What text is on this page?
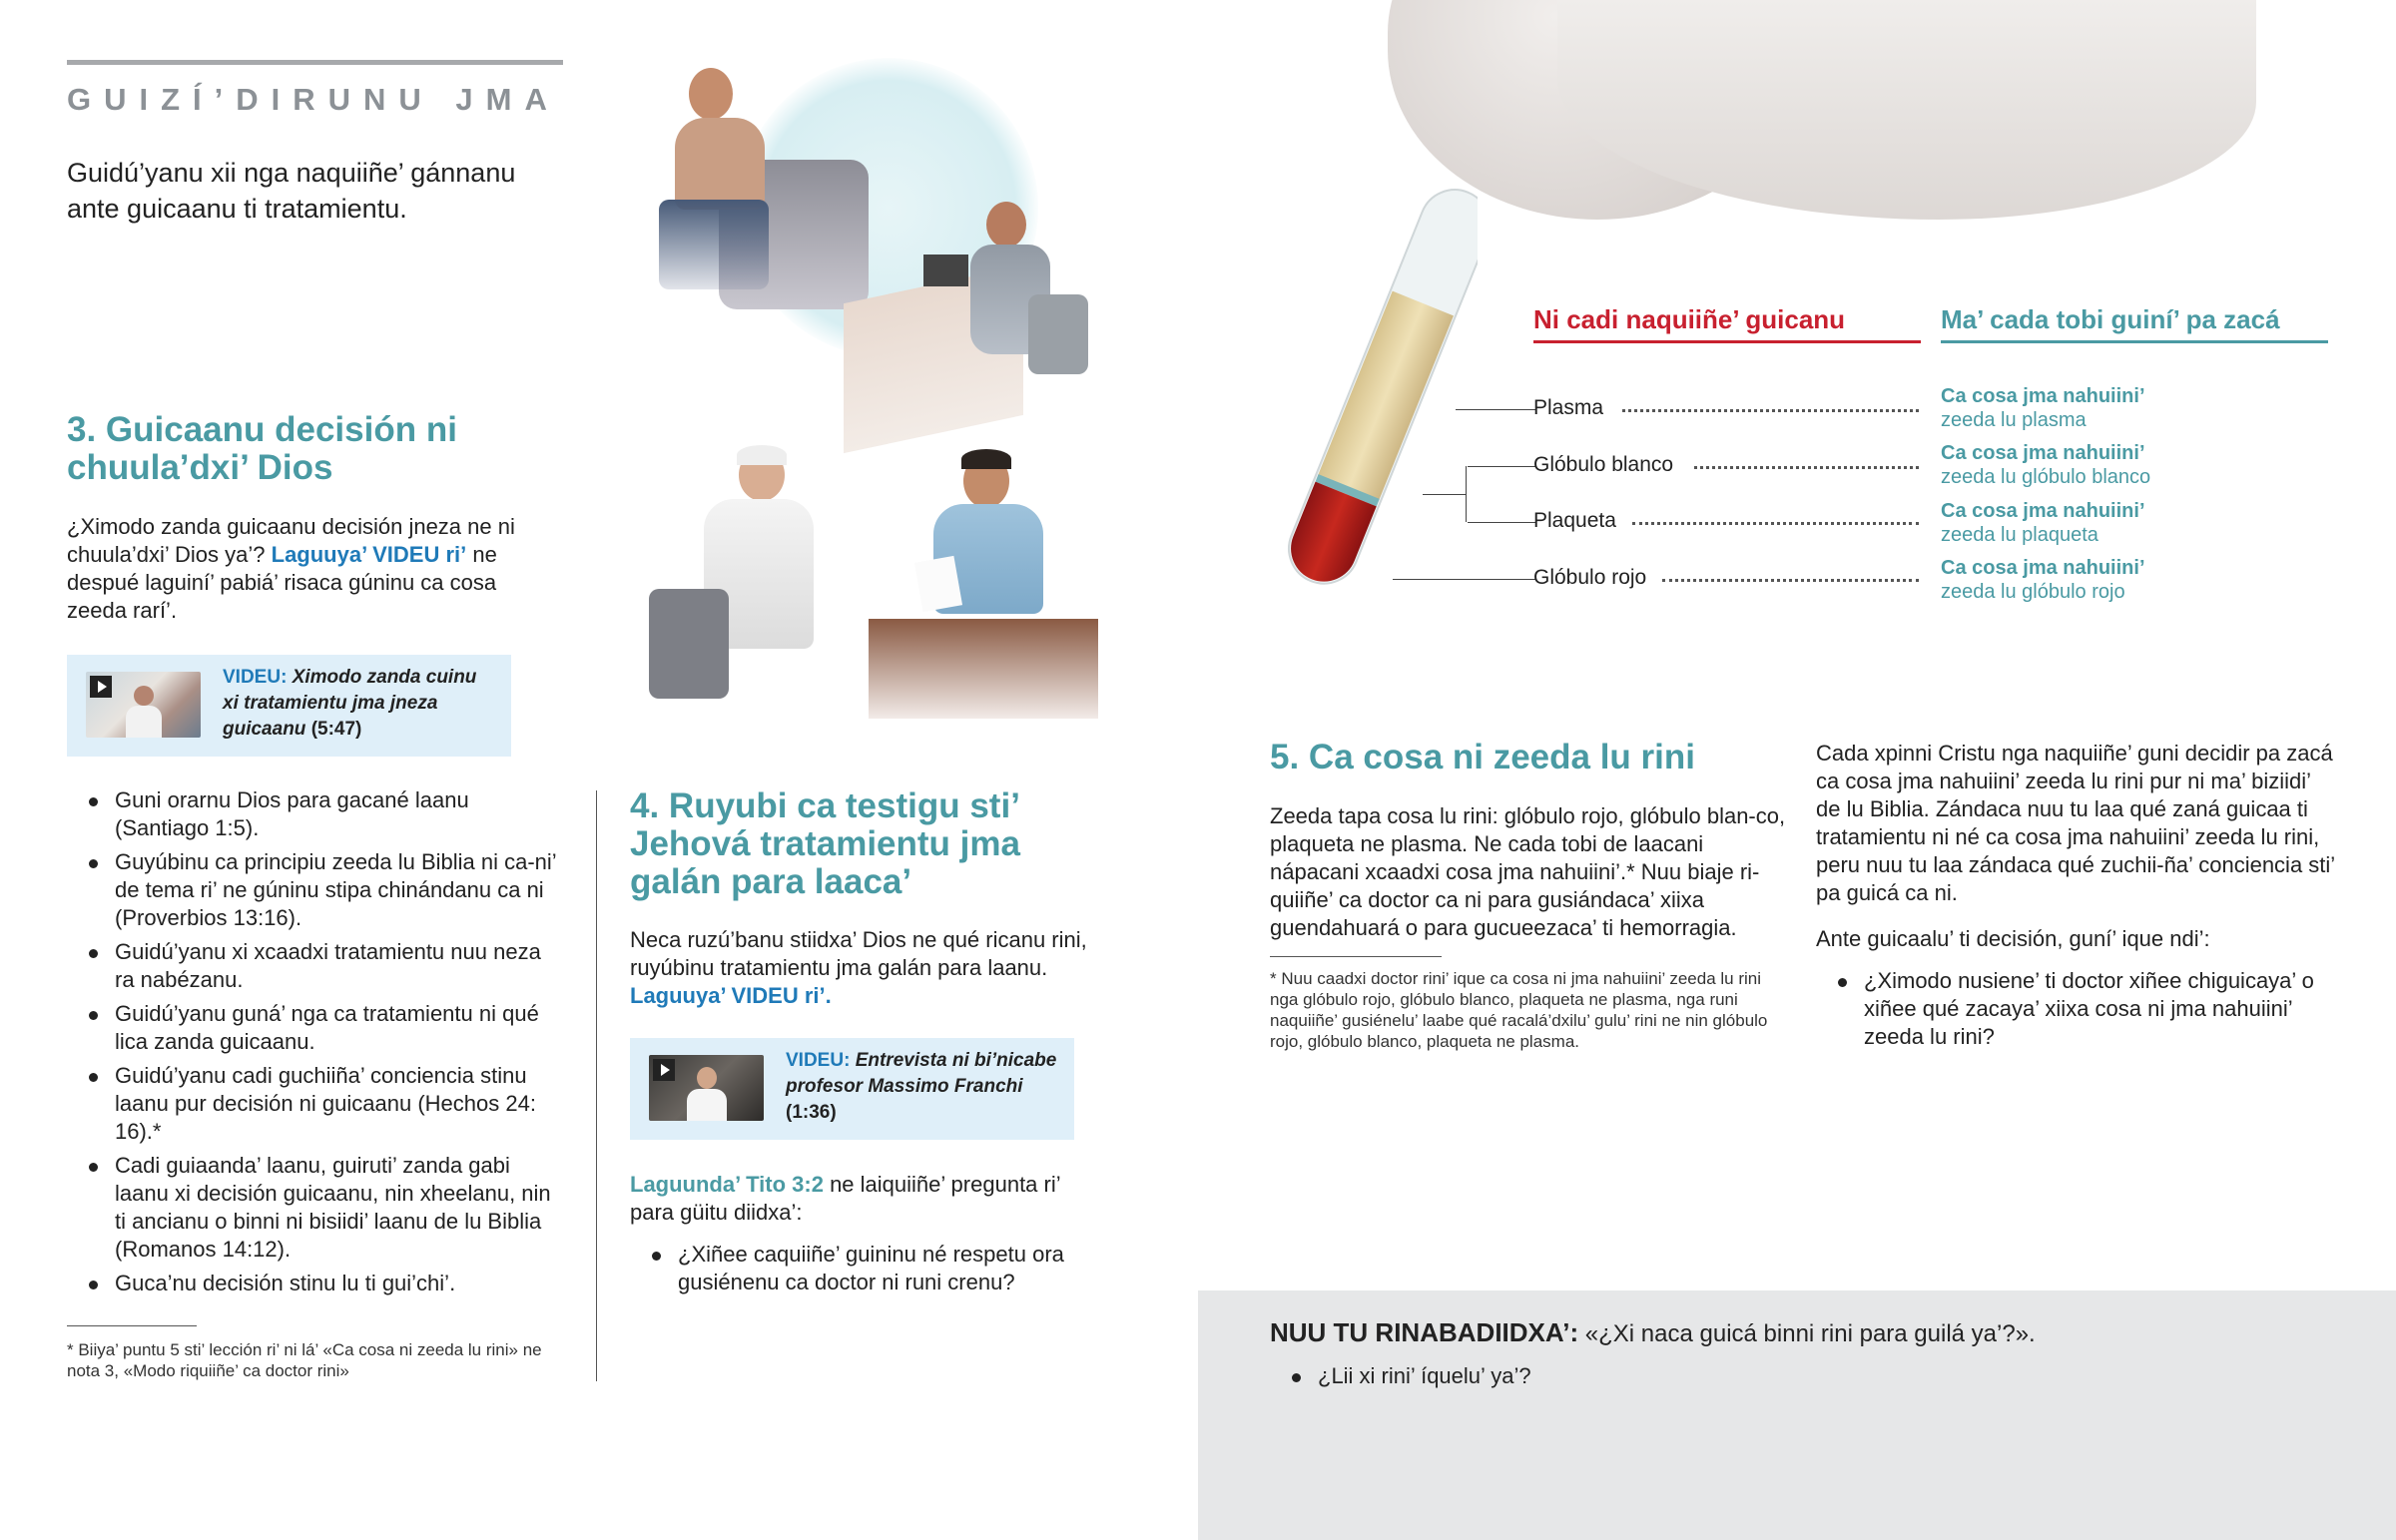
GUIZÍ’DIRUNU JMA
Guidú’yanu xii nga naquiiñe’ gánnanu ante guicaanu ti tratamientu.
3. Guicaanu decisión ni chuula’dxi’ Dios
¿Ximodo zanda guicaanu decisión jneza ne ni chuula’dxi’ Dios ya’? Laguuya’ VIDEU ri’ ne despué laguiní’ pabiá’ risaca gúninu ca cosa zeeda rarí’.
VIDEU: Ximodo zanda cuinu xi tratamientu jma jneza guicaanu (5:47)
Guni orarnu Dios para gacané laanu (Santiago 1:5).
Guyúbinu ca principiu zeeda lu Biblia ni ca-ni’ de tema ri’ ne gúninu stipa chinándanu ca ni (Proverbios 13:16).
Guidú’yanu xi xcaadxi tratamientu nuu neza ra nabézanu.
Guidú’yanu guná’ nga ca tratamientu ni qué lica zanda guicaanu.
Guidú’yanu cadi guchiiña’ conciencia stinu laanu pur decisión ni guicaanu (Hechos 24: 16).*
Cadi guiaanda’ laanu, guiruti’ zanda gabi laanu xi decisión guicaanu, nin xheelanu, nin ti ancianu o binni ni bisiidi’ laanu de lu Biblia (Romanos 14:12).
Guca’nu decisión stinu lu ti gui’chi’.
* Biiya’ puntu 5 sti’ lección ri’ ni lá’ «Ca cosa ni zeeda lu rini» ne nota 3, «Modo riquiiñe’ ca doctor rini»
4. Ruyubi ca testigu sti’ Jehová tratamientu jma galán para laaca’
Neca ruzú’banu stiidxa’ Dios ne qué ricanu rini, ruyúbinu tratamientu jma galán para laanu. Laguuya’ VIDEU ri’.
VIDEU: Entrevista ni bi’nicabe profesor Massimo Franchi (1:36)
Laguunda’ Tito 3:2 ne laiquiiñe’ pregunta ri’ para güitu diidxa’:
¿Xiñee caquiiñe’ guininu né respetu ora gusiénenu ca doctor ni runi crenu?
Ni cadi naquiiñe’ guicanu	Ma’ cada tobi guiní’ pa zacá
Plasma
Glóbulo blanco
Plaqueta
Glóbulo rojo
Ca cosa jma nahuiini’
zeeda lu plasma
Ca cosa jma nahuiini’
zeeda lu glóbulo blanco
Ca cosa jma nahuiini’
zeeda lu plaqueta
Ca cosa jma nahuiini’
zeeda lu glóbulo rojo
5. Ca cosa ni zeeda lu rini
Zeeda tapa cosa lu rini: glóbulo rojo, glóbulo blan-co, plaqueta ne plasma. Ne cada tobi de laacani nápacani xcaadxi cosa jma nahuiini’.* Nuu biaje ri-quiiñe’ ca doctor ca ni para gusiándaca’ xiixa guendahuará o para gucueezaca’ ti hemorragia.
* Nuu caadxi doctor rini’ ique ca cosa ni jma nahuiini’ zeeda lu rini nga glóbulo rojo, glóbulo blanco, plaqueta ne plasma, nga runi naquiiñe’ gusiénelu’ laabe qué racalá’dxilu’ gulu’ rini ne nin glóbulo rojo, glóbulo blanco, plaqueta ne plasma.
Cada xpinni Cristu nga naquiiñe’ guni decidir pa zacá ca cosa jma nahuiini’ zeeda lu rini pur ni ma’ biziidi’ de lu Biblia. Zándaca nuu tu laa qué zaná guicaa ti tratamientu ni né ca cosa jma nahuiini’ zeeda lu rini, peru nuu tu laa zándaca qué zuchii-ña’ conciencia sti’ pa guicá ca ni.
Ante guicaalu’ ti decisión, guní’ ique ndi’:
¿Ximodo nusiene’ ti doctor xiñee chiguicaya’ o xiñee qué zacaya’ xiixa cosa ni jma nahuiini’ zeeda lu rini?
NUU TU RINABADIIDXA’: «¿Xi naca guicá binni rini para guilá ya’?».
¿Lii xi rini’ íquelu’ ya’?
